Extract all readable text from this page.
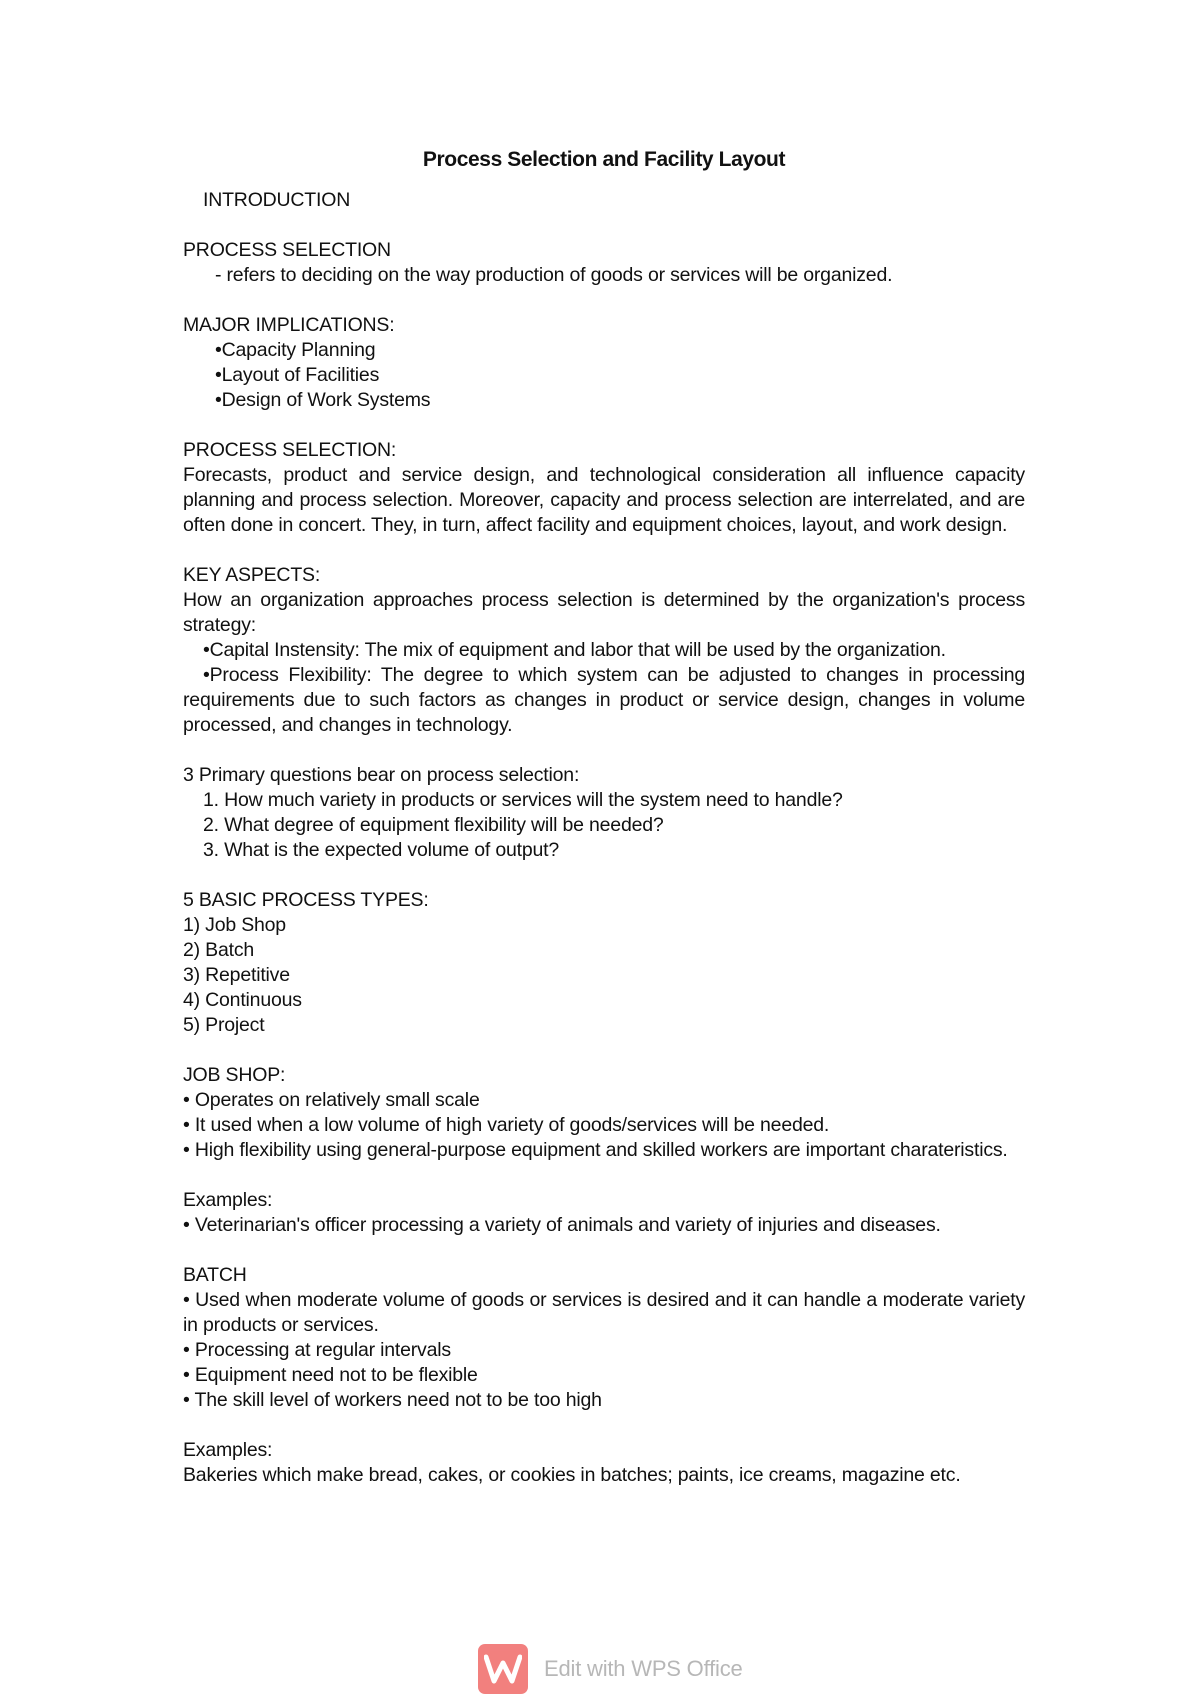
Process Selection and Facility Layout
INTRODUCTION
PROCESS SELECTION
- refers to deciding on the way production of goods or services will be organized.
MAJOR IMPLICATIONS:
•Capacity Planning
•Layout of Facilities
•Design of Work Systems
PROCESS SELECTION:
Forecasts, product and service design, and technological consideration all influence capacity planning and process selection. Moreover, capacity and process selection are interrelated, and are often done in concert. They, in turn, affect facility and equipment choices, layout, and work design.
KEY ASPECTS:
How an organization approaches process selection is determined by the organization's process strategy:
•Capital Instensity: The mix of equipment and labor that will be used by the organization.
•Process Flexibility: The degree to which system can be adjusted to changes in processing requirements due to such factors as changes in product or service design, changes in volume processed, and changes in technology.
3 Primary questions bear on process selection:
1. How much variety in products or services will the system need to handle?
2. What degree of equipment flexibility will be needed?
3. What is the expected volume of output?
5 BASIC PROCESS TYPES:
1) Job Shop
2) Batch
3) Repetitive
4) Continuous
5) Project
JOB SHOP:
• Operates on relatively small scale
• It used when a low volume of high variety of goods/services will be needed.
• High flexibility using general-purpose equipment and skilled workers are important charateristics.
Examples:
• Veterinarian's officer processing a variety of animals and variety of injuries and diseases.
BATCH
• Used when moderate volume of goods or services is desired and it can handle a moderate variety in products or services.
• Processing at regular intervals
• Equipment need not to be flexible
• The skill level of workers need not to be too high
Examples:
Bakeries which make bread, cakes, or cookies in batches; paints, ice creams, magazine etc.
Edit with WPS Office
